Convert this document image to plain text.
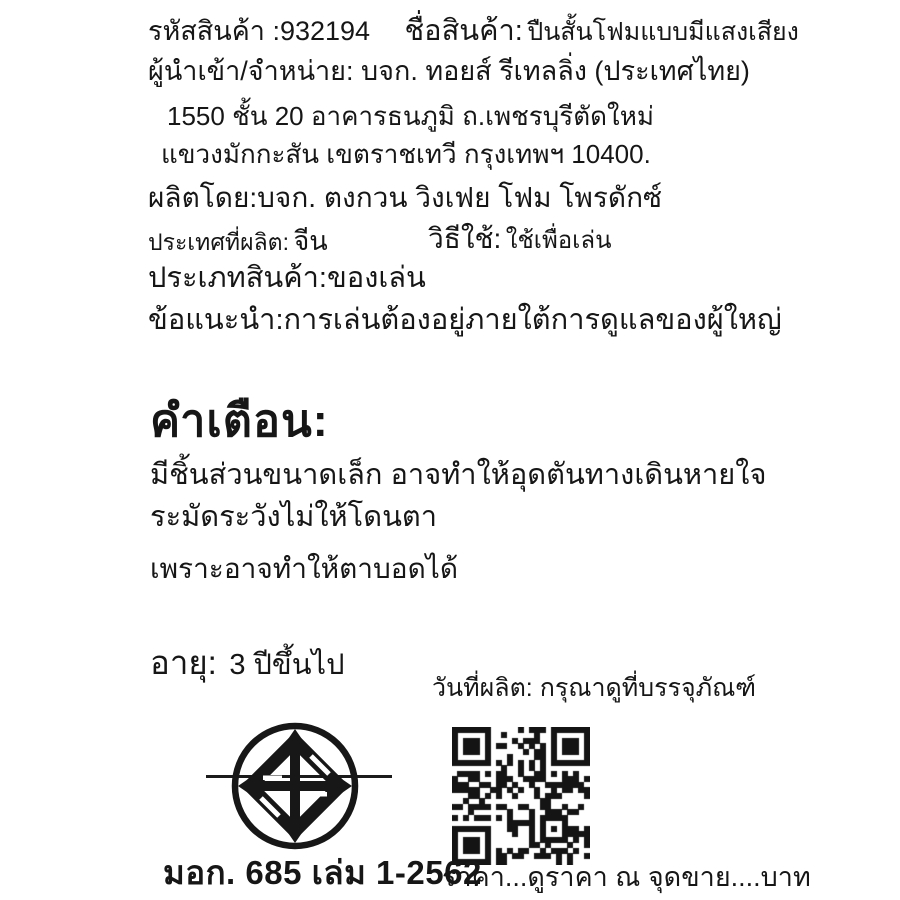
รหัสสินค้า :932194 ชื่อสินค้า: ปืนสั้นโฟมแบบมีแสงเสียง
ผู้นำเข้า/จำหน่าย: บจก. ทอยส์ รีเทลลิ่ง (ประเทศไทย)
1550 ชั้น 20 อาคารธนภูมิ ถ.เพชรบุรีตัดใหม่
แขวงมักกะสัน เขตราชเทวี กรุงเทพฯ 10400.
ผลิตโดย:บจก. ตงกวน วิงเฟย โฟม โพรดักซ์
ประเทศที่ผลิต: จีน	วิธีใช้: ใช้เพื่อเล่น
ประเภทสินค้า:ของเล่น
ข้อแนะนำ:การเล่นต้องอยู่ภายใต้การดูแลของผู้ใหญ่
คำเตือน:
มีชิ้นส่วนขนาดเล็ก อาจทำให้อุดตันทางเดินหายใจ
ระมัดระวังไม่ให้โดนตา
เพราะอาจทำให้ตาบอดได้
อายุ: 3 ปีขึ้นไป
วันที่ผลิต: กรุณาดูที่บรรจุภัณฑ์
มอก. 685 เล่ม 1-2562
ราคา...ดูราคา ณ จุดขาย....บาท
